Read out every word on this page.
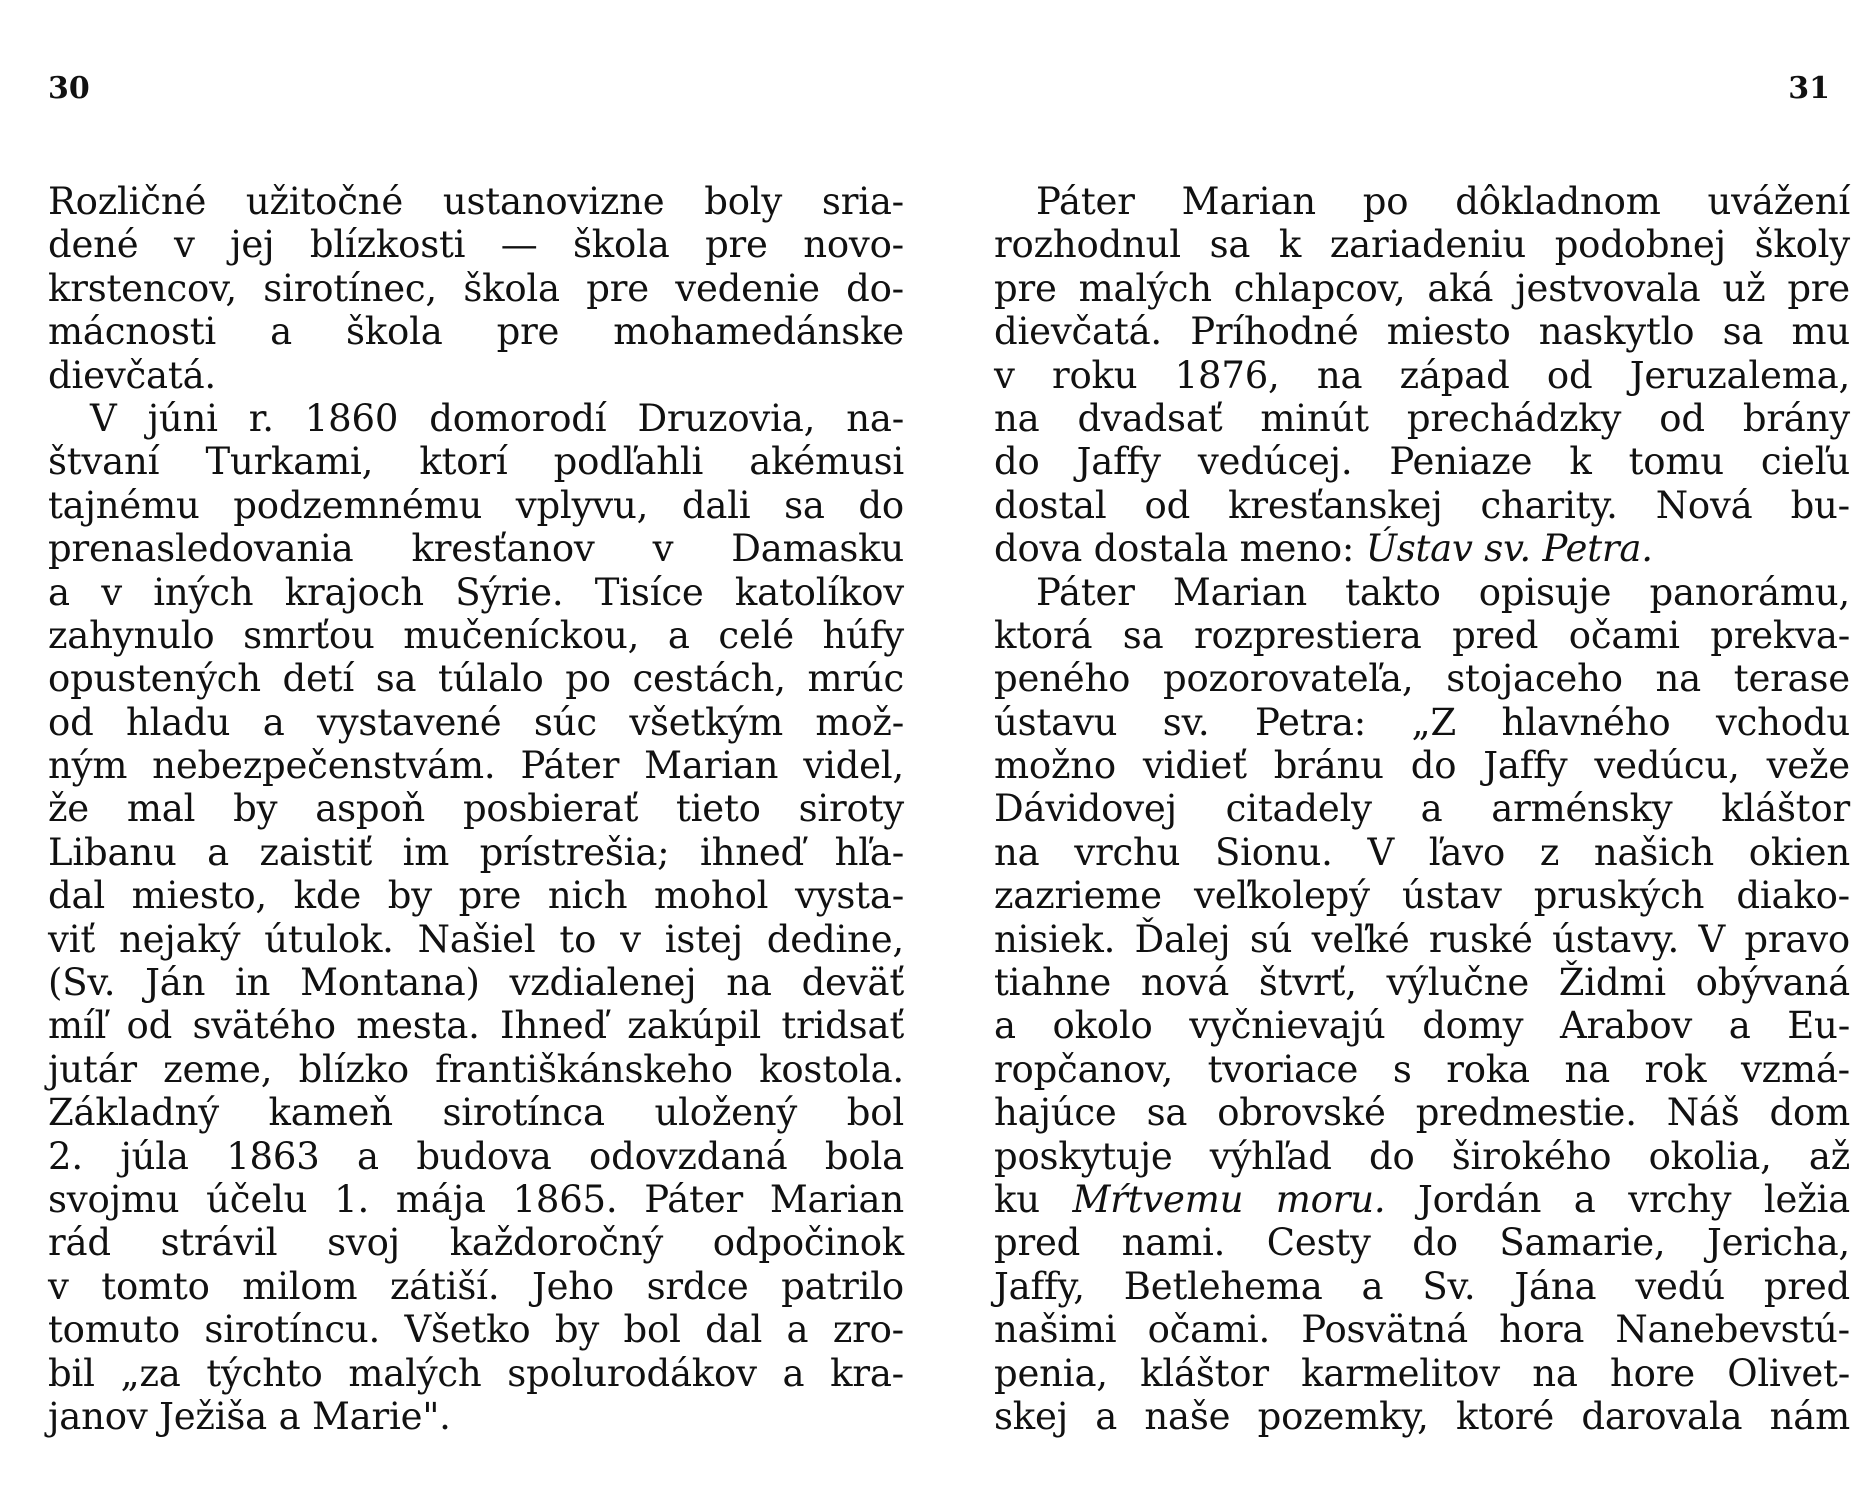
30	31
Rozličné užitočné ustanovizne boly sria-
dené v jej blízkosti — škola pre novo-
krstencov, sirotínec, škola pre vedenie do-
mácnosti a škola pre mohamedánske
dievčatá.
V júni r. 1860 domorodí Druzovia, na-
štvaní Turkami, ktorí podľahli akémusi
tajnému podzemnému vplyvu, dali sa do
prenasledovania kresťanov v Damasku
a v iných krajoch Sýrie. Tisíce katolíkov
zahynulo smrťou mučeníckou, a celé húfy
opustených detí sa túlalo po cestách, mrúc
od hladu a vystavené súc všetkým mož-
ným nebezpečenstvám. Páter Marian videl,
že mal by aspoň posbierať tieto siroty
Libanu a zaistiť im prístrešia; ihneď hľa-
dal miesto, kde by pre nich mohol vysta-
viť nejaký útulok. Našiel to v istej dedine,
(Sv. Ján in Montana) vzdialenej na deväť
míľ od svätého mesta. Ihneď zakúpil tridsať
jutár zeme, blízko františkánskeho kostola.
Základný kameň sirotínca uložený bol
2. júla 1863 a budova odovzdaná bola
svojmu účelu 1. mája 1865. Páter Marian
rád strávil svoj každoročný odpočinok
v tomto milom zátiší. Jeho srdce patrilo
tomuto sirotíncu. Všetko by bol dal a zro-
bil „za týchto malých spolurodákov a kra-
janov Ježiša a Marie".
Páter Marian po dôkladnom uvážení
rozhodnul sa k zariadeniu podobnej školy
pre malých chlapcov, aká jestvovala už pre
dievčatá. Príhodné miesto naskytlo sa mu
v roku 1876, na západ od Jeruzalema,
na dvadsať minút prechádzky od brány
do Jaffy vedúcej. Peniaze k tomu cieľu
dostal od kresťanskej charity. Nová bu-
dova dostala meno: Ústav sv. Petra.
Páter Marian takto opisuje panorámu,
ktorá sa rozprestiera pred očami prekva-
peného pozorovateľa, stojaceho na terase
ústavu sv. Petra: „Z hlavného vchodu
možno vidieť bránu do Jaffy vedúcu, veže
Dávidovej citadely a arménsky kláštor
na vrchu Sionu. V ľavo z našich okien
zazrieme veľkolepý ústav pruských diako-
nisiek. Ďalej sú veľké ruské ústavy. V pravo
tiahne nová štvrť, výlučne Židmi obývaná
a okolo vyčnievajú domy Arabov a Eu-
ropčanov, tvoriace s roka na rok vzmá-
hajúce sa obrovské predmestie. Náš dom
poskytuje výhľad do širokého okolia, až
ku Mŕtvemu moru. Jordán a vrchy ležia
pred nami. Cesty do Samarie, Jericha,
Jaffy, Betlehema a Sv. Jána vedú pred
našimi očami. Posvätná hora Nanebevstú-
penia, kláštor karmelitov na hore Olivet-
skej a naše pozemky, ktoré darovala nám
